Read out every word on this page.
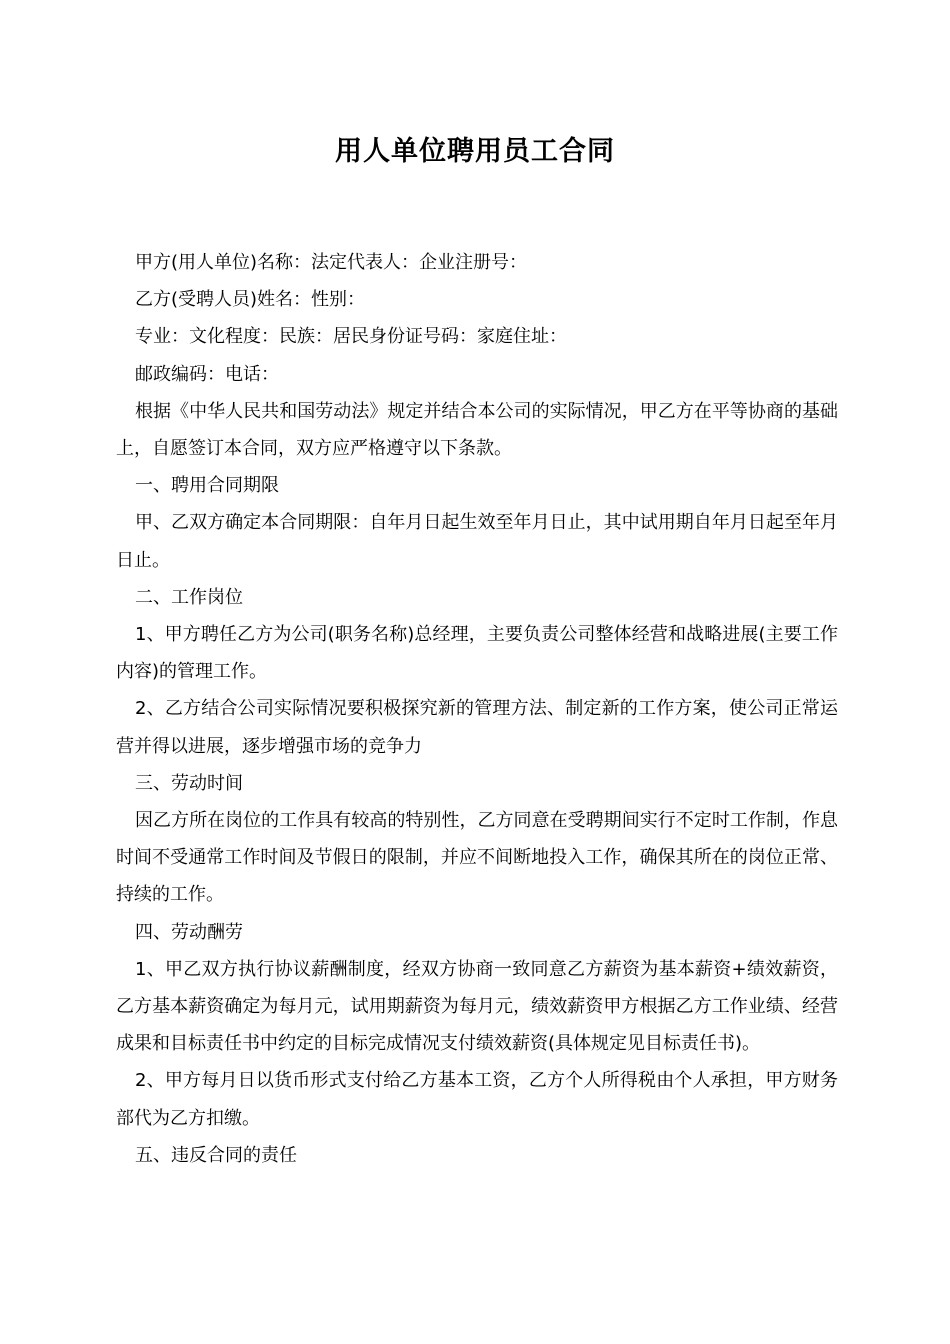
用人单位聘用员工合同

甲方(用人单位)名称：法定代表人：企业注册号：

乙方(受聘人员)姓名：性别：

专业：文化程度：民族：居民身份证号码：家庭住址：

邮政编码：电话：

根据《中华人民共和国劳动法》规定并结合本公司的实际情况，甲乙方在平等协商的基础上，自愿签订本合同，双方应严格遵守以下条款。

一、聘用合同期限

甲、乙双方确定本合同期限：自年月日起生效至年月日止，其中试用期自年月日起至年月日止。

二、工作岗位

1、甲方聘任乙方为公司(职务名称)总经理，主要负责公司整体经营和战略进展(主要工作内容)的管理工作。

2、乙方结合公司实际情况要积极探究新的管理方法、制定新的工作方案，使公司正常运营并得以进展，逐步增强市场的竞争力

三、劳动时间

因乙方所在岗位的工作具有较高的特别性，乙方同意在受聘期间实行不定时工作制，作息时间不受通常工作时间及节假日的限制，并应不间断地投入工作，确保其所在的岗位正常、持续的工作。

四、劳动酬劳

1、甲乙双方执行协议薪酬制度，经双方协商一致同意乙方薪资为基本薪资+绩效薪资，乙方基本薪资确定为每月元，试用期薪资为每月元，绩效薪资甲方根据乙方工作业绩、经营成果和目标责任书中约定的目标完成情况支付绩效薪资(具体规定见目标责任书)。

2、甲方每月日以货币形式支付给乙方基本工资，乙方个人所得税由个人承担，甲方财务部代为乙方扣缴。

五、违反合同的责任
